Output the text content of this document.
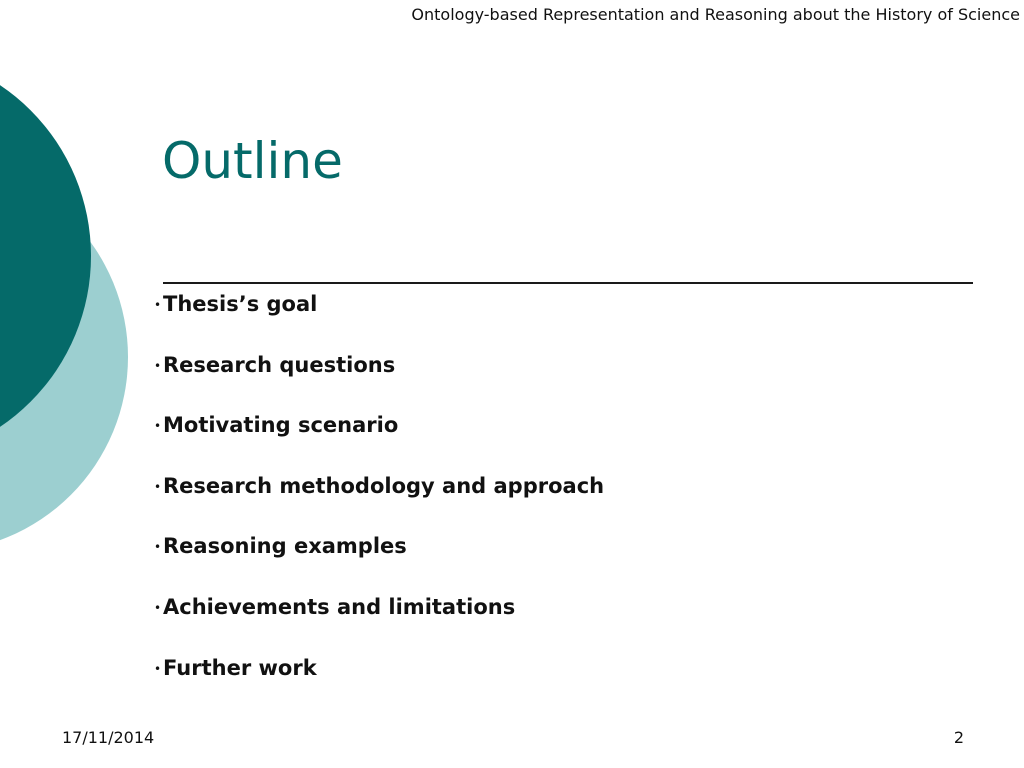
Ontology-based Representation and Reasoning about the History of Science
Outline
• Thesis’s goal
• Research questions
• Motivating scenario
• Research methodology and approach
• Reasoning examples
• Achievements and limitations
• Further work
17/11/2014	2
